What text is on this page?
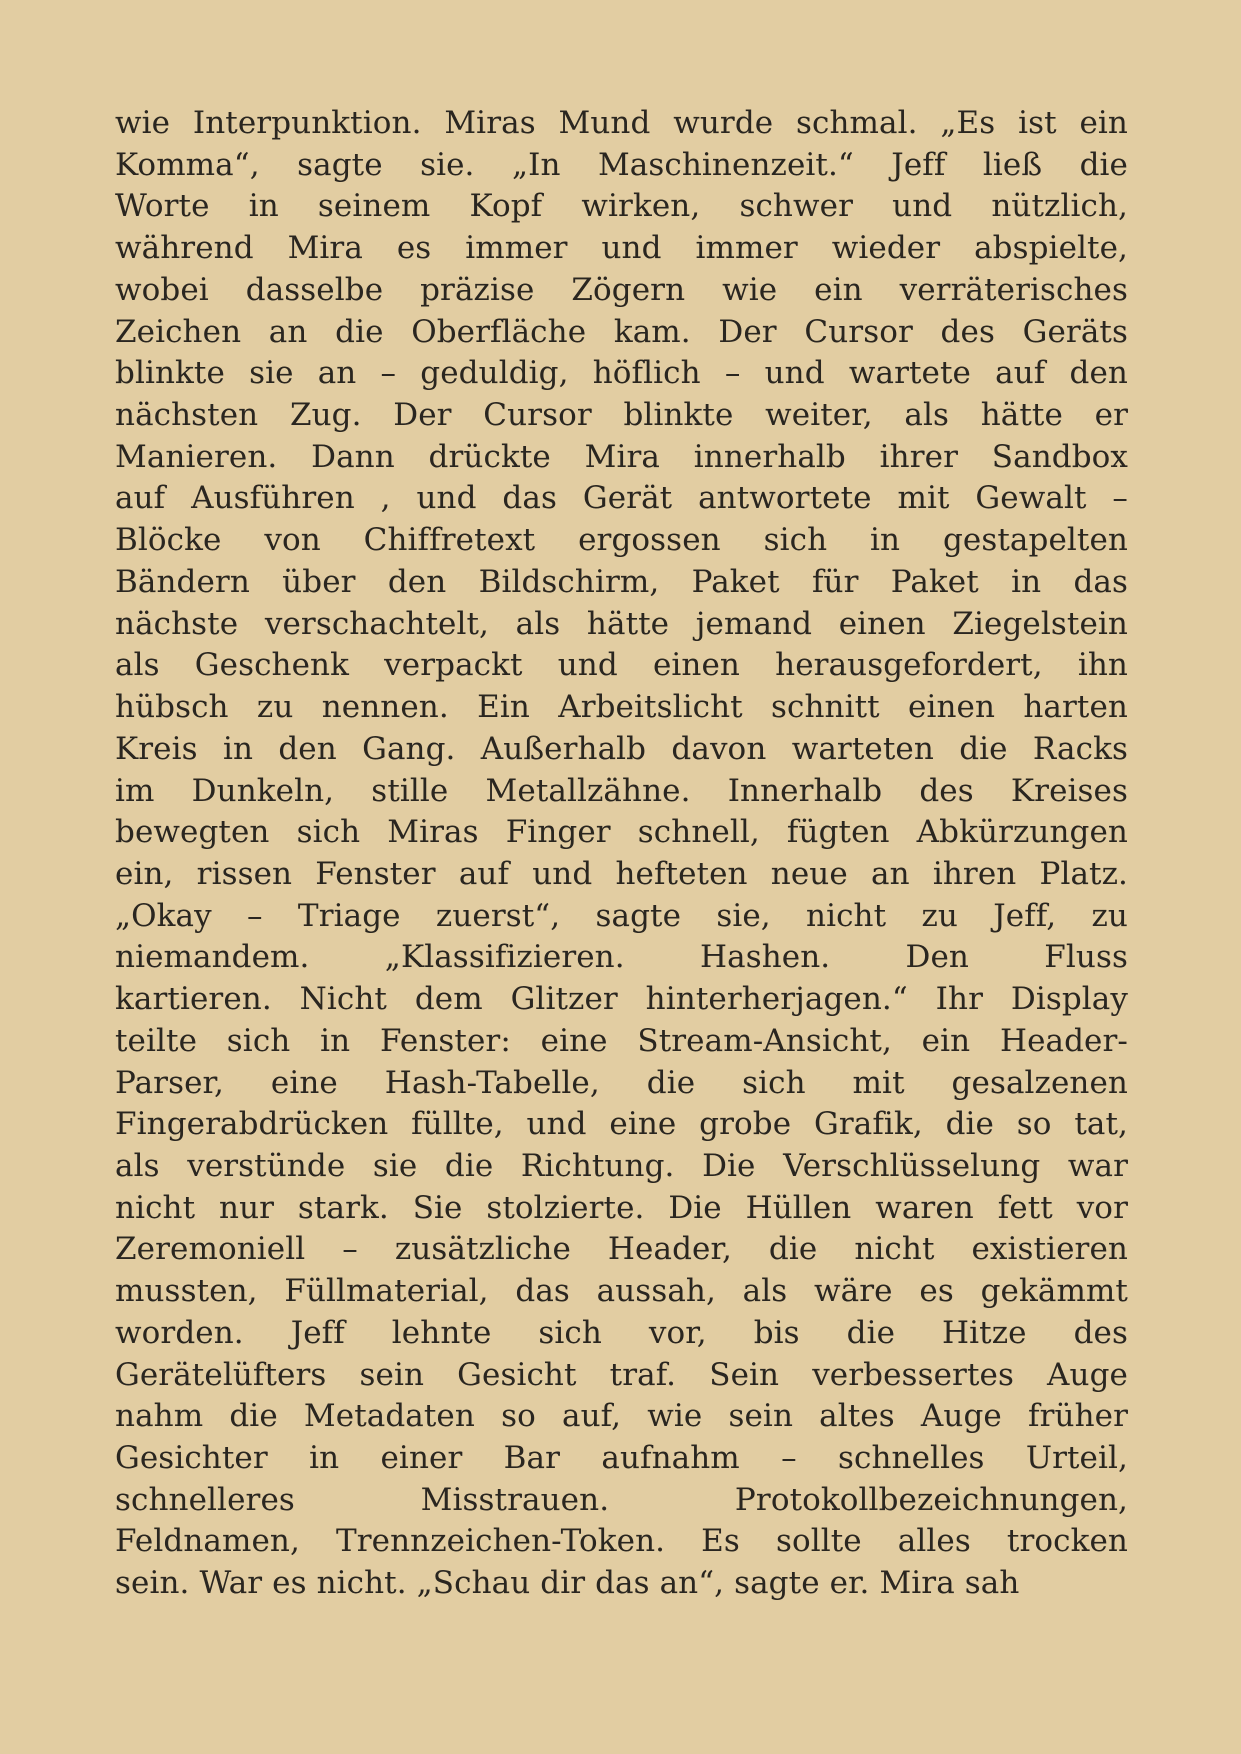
wie Interpunktion. Miras Mund wurde schmal. „Es ist ein
Komma“, sagte sie. „In Maschinenzeit.“ Jeff ließ die
Worte in seinem Kopf wirken, schwer und nützlich,
während Mira es immer und immer wieder abspielte,
wobei dasselbe präzise Zögern wie ein verräterisches
Zeichen an die Oberfläche kam. Der Cursor des Geräts
blinkte sie an – geduldig, höflich – und wartete auf den
nächsten Zug. Der Cursor blinkte weiter, als hätte er
Manieren. Dann drückte Mira innerhalb ihrer Sandbox
auf Ausführen , und das Gerät antwortete mit Gewalt –
Blöcke von Chiffretext ergossen sich in gestapelten
Bändern über den Bildschirm, Paket für Paket in das
nächste verschachtelt, als hätte jemand einen Ziegelstein
als Geschenk verpackt und einen herausgefordert, ihn
hübsch zu nennen. Ein Arbeitslicht schnitt einen harten
Kreis in den Gang. Außerhalb davon warteten die Racks
im Dunkeln, stille Metallzähne. Innerhalb des Kreises
bewegten sich Miras Finger schnell, fügten Abkürzungen
ein, rissen Fenster auf und hefteten neue an ihren Platz.
„Okay – Triage zuerst“, sagte sie, nicht zu Jeff, zu
niemandem. „Klassifizieren. Hashen. Den Fluss
kartieren. Nicht dem Glitzer hinterherjagen.“ Ihr Display
teilte sich in Fenster: eine Stream-Ansicht, ein Header-
Parser, eine Hash-Tabelle, die sich mit gesalzenen
Fingerabdrücken füllte, und eine grobe Grafik, die so tat,
als verstünde sie die Richtung. Die Verschlüsselung war
nicht nur stark. Sie stolzierte. Die Hüllen waren fett vor
Zeremoniell – zusätzliche Header, die nicht existieren
mussten, Füllmaterial, das aussah, als wäre es gekämmt
worden. Jeff lehnte sich vor, bis die Hitze des
Gerätelüfters sein Gesicht traf. Sein verbessertes Auge
nahm die Metadaten so auf, wie sein altes Auge früher
Gesichter in einer Bar aufnahm – schnelles Urteil,
schnelleres Misstrauen. Protokollbezeichnungen,
Feldnamen, Trennzeichen-Token. Es sollte alles trocken
sein. War es nicht. „Schau dir das an“, sagte er. Mira sah
